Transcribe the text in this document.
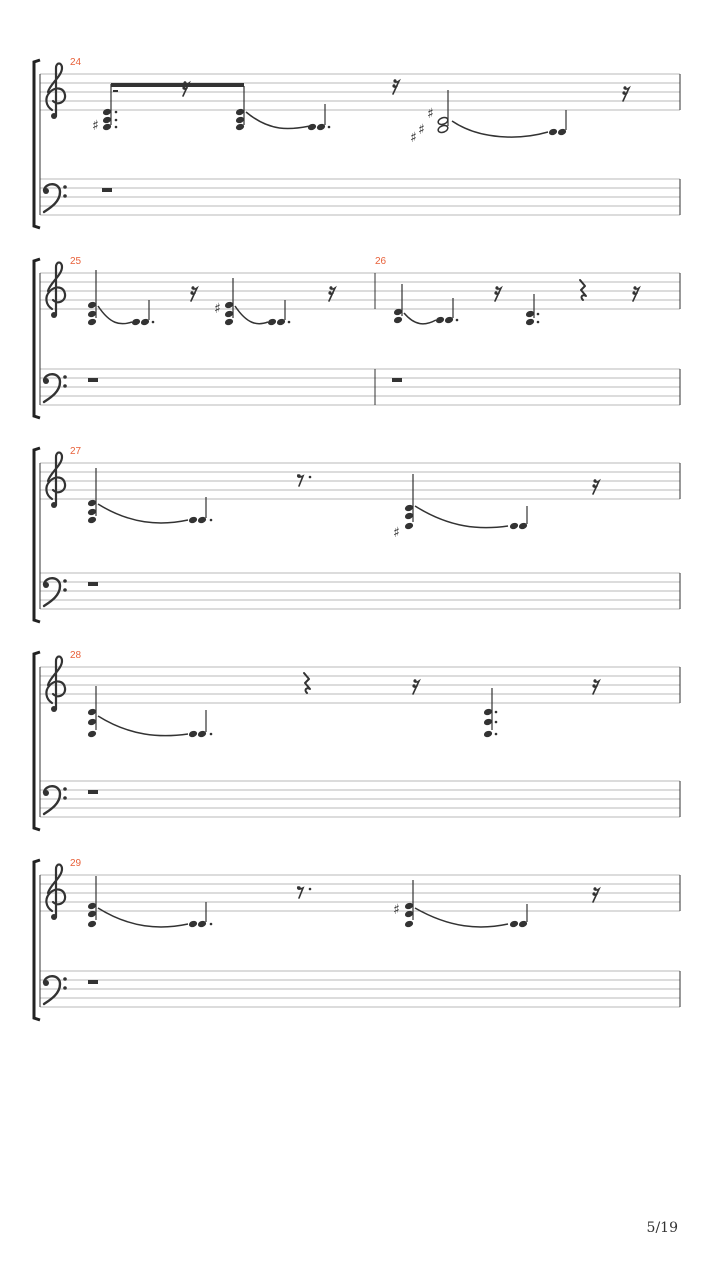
24
♯
♯ ♯
♯
25	26
♯
27
♯
28
29
♯
5/19
